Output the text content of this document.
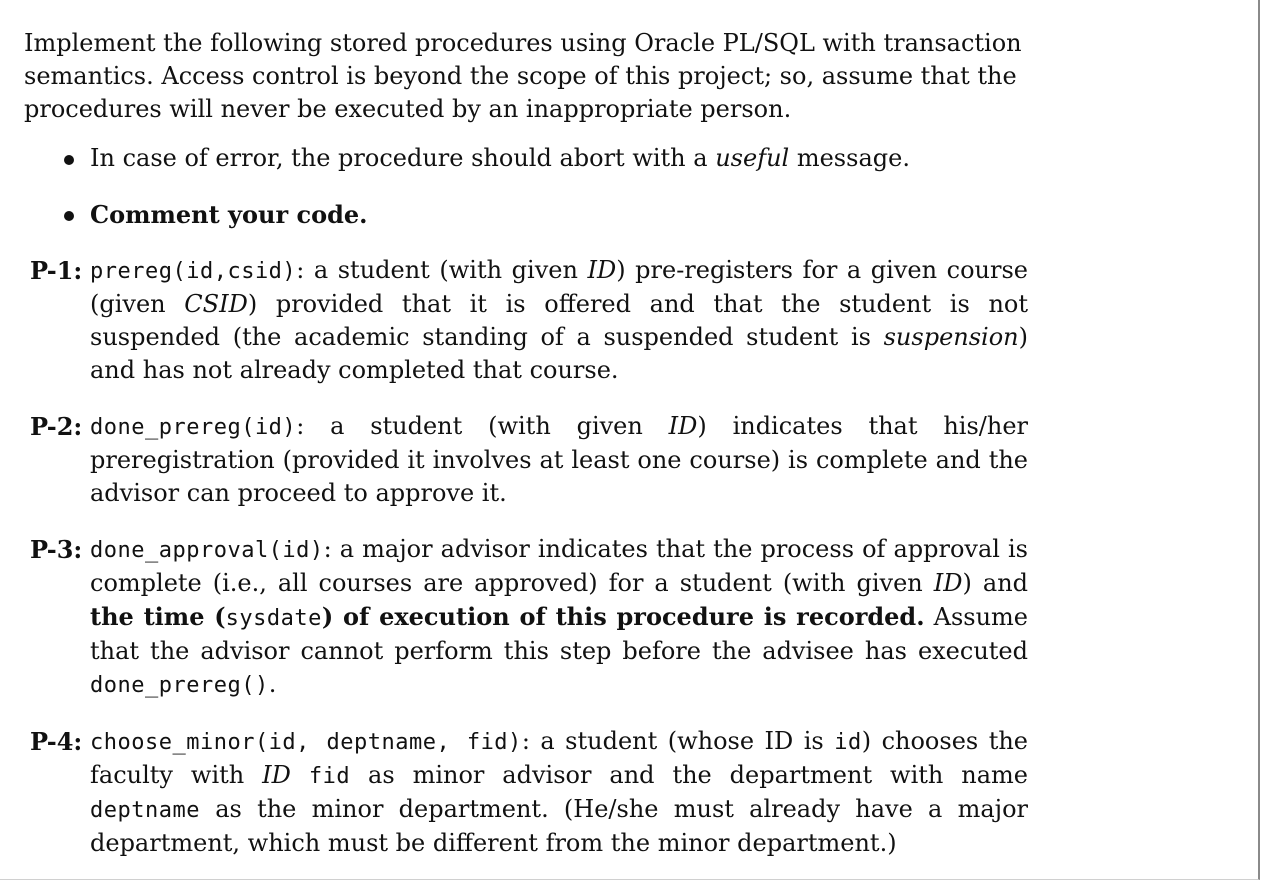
Implement the following stored procedures using Oracle PL/SQL with transaction semantics. Access control is beyond the scope of this project; so, assume that the procedures will never be executed by an inappropriate person.

In case of error, the procedure should abort with a useful message.
Comment your code.
P-1: prereg(id,csid): a student (with given ID) pre-registers for a given course (given CSID) provided that it is offered and that the student is not suspended (the academic standing of a suspended student is suspension) and has not already completed that course.
P-2: done_prereg(id): a student (with given ID) indicates that his/her preregistration (provided it involves at least one course) is complete and the advisor can proceed to approve it.
P-3: done_approval(id): a major advisor indicates that the process of approval is complete (i.e., all courses are approved) for a student (with given ID) and the time (sysdate) of execution of this procedure is recorded. Assume that the advisor cannot perform this step before the advisee has executed done_prereg().
P-4: choose_minor(id, deptname, fid): a student (whose ID is id) chooses the faculty with ID fid as minor advisor and the department with name deptname as the minor department. (He/she must already have a major department, which must be different from the minor department.)
